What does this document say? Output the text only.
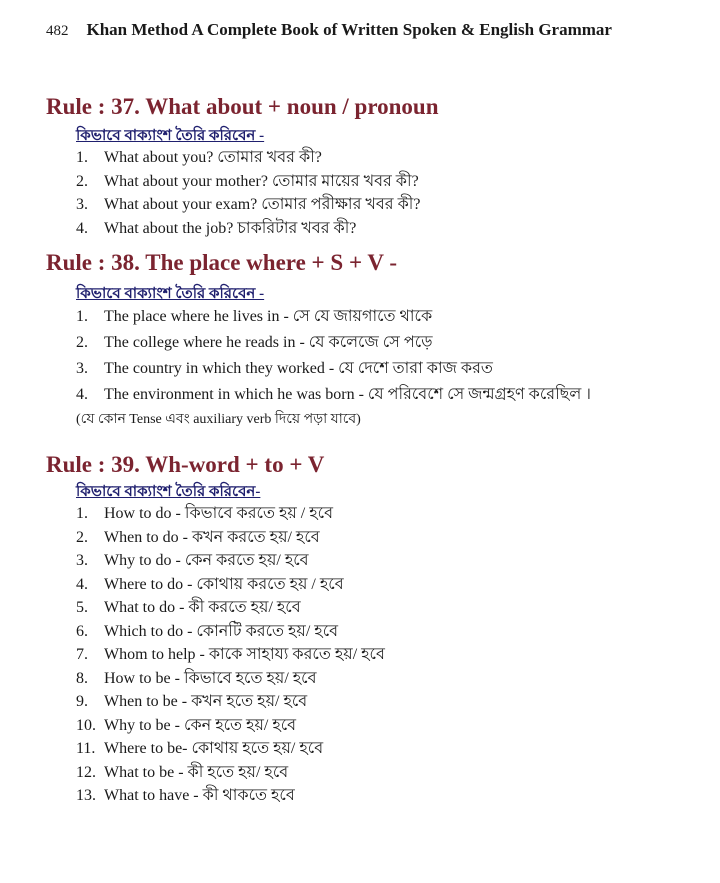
482 Khan Method A Complete Book of Written Spoken & English Grammar
Rule : 37. What about + noun / pronoun
কিভাবে বাক্যাংশ তৈরি করিবেন -
1.	What about you? তোমার খবর কী?
2.	What about your mother? তোমার মায়ের খবর কী?
3.	What about your exam? তোমার পরীক্ষার খবর কী?
4.	What about the job? চাকরিটার খবর কী?
Rule : 38. The place where + S + V -
কিভাবে বাক্যাংশ তৈরি করিবেন -
1.	The place where he lives in - সে যে জায়গাতে থাকে
2.	The college where he reads in - যে কলেজে সে পড়ে
3.	The country in which they worked - যে দেশে তারা কাজ করত
4.	The environment in which he was born - যে পরিবেশে সে জন্মগ্রহণ করেছিল ।
(যে কোন Tense এবং auxiliary verb দিয়ে পড়া যাবে)
Rule : 39. Wh-word + to + V
কিভাবে বাক্যাংশ তৈরি করিবেন-
1.	How to do - কিভাবে করতে হয় / হবে
2.	When to do - কখন করতে হয়/ হবে
3.	Why to do - কেন করতে হয়/ হবে
4.	Where to do - কোথায় করতে হয় / হবে
5.	What to do - কী করতে হয়/ হবে
6.	Which to do - কোনটি করতে হয়/ হবে
7.	Whom to help - কাকে সাহায্য করতে হয়/ হবে
8.	How to be - কিভাবে হতে হয়/ হবে
9.	When to be - কখন হতে হয়/ হবে
10. Why to be - কেন হতে হয়/ হবে
11. Where to be- কোথায় হতে হয়/ হবে
12. What to be - কী হতে হয়/ হবে
13. What to have - কী থাকতে হবে
